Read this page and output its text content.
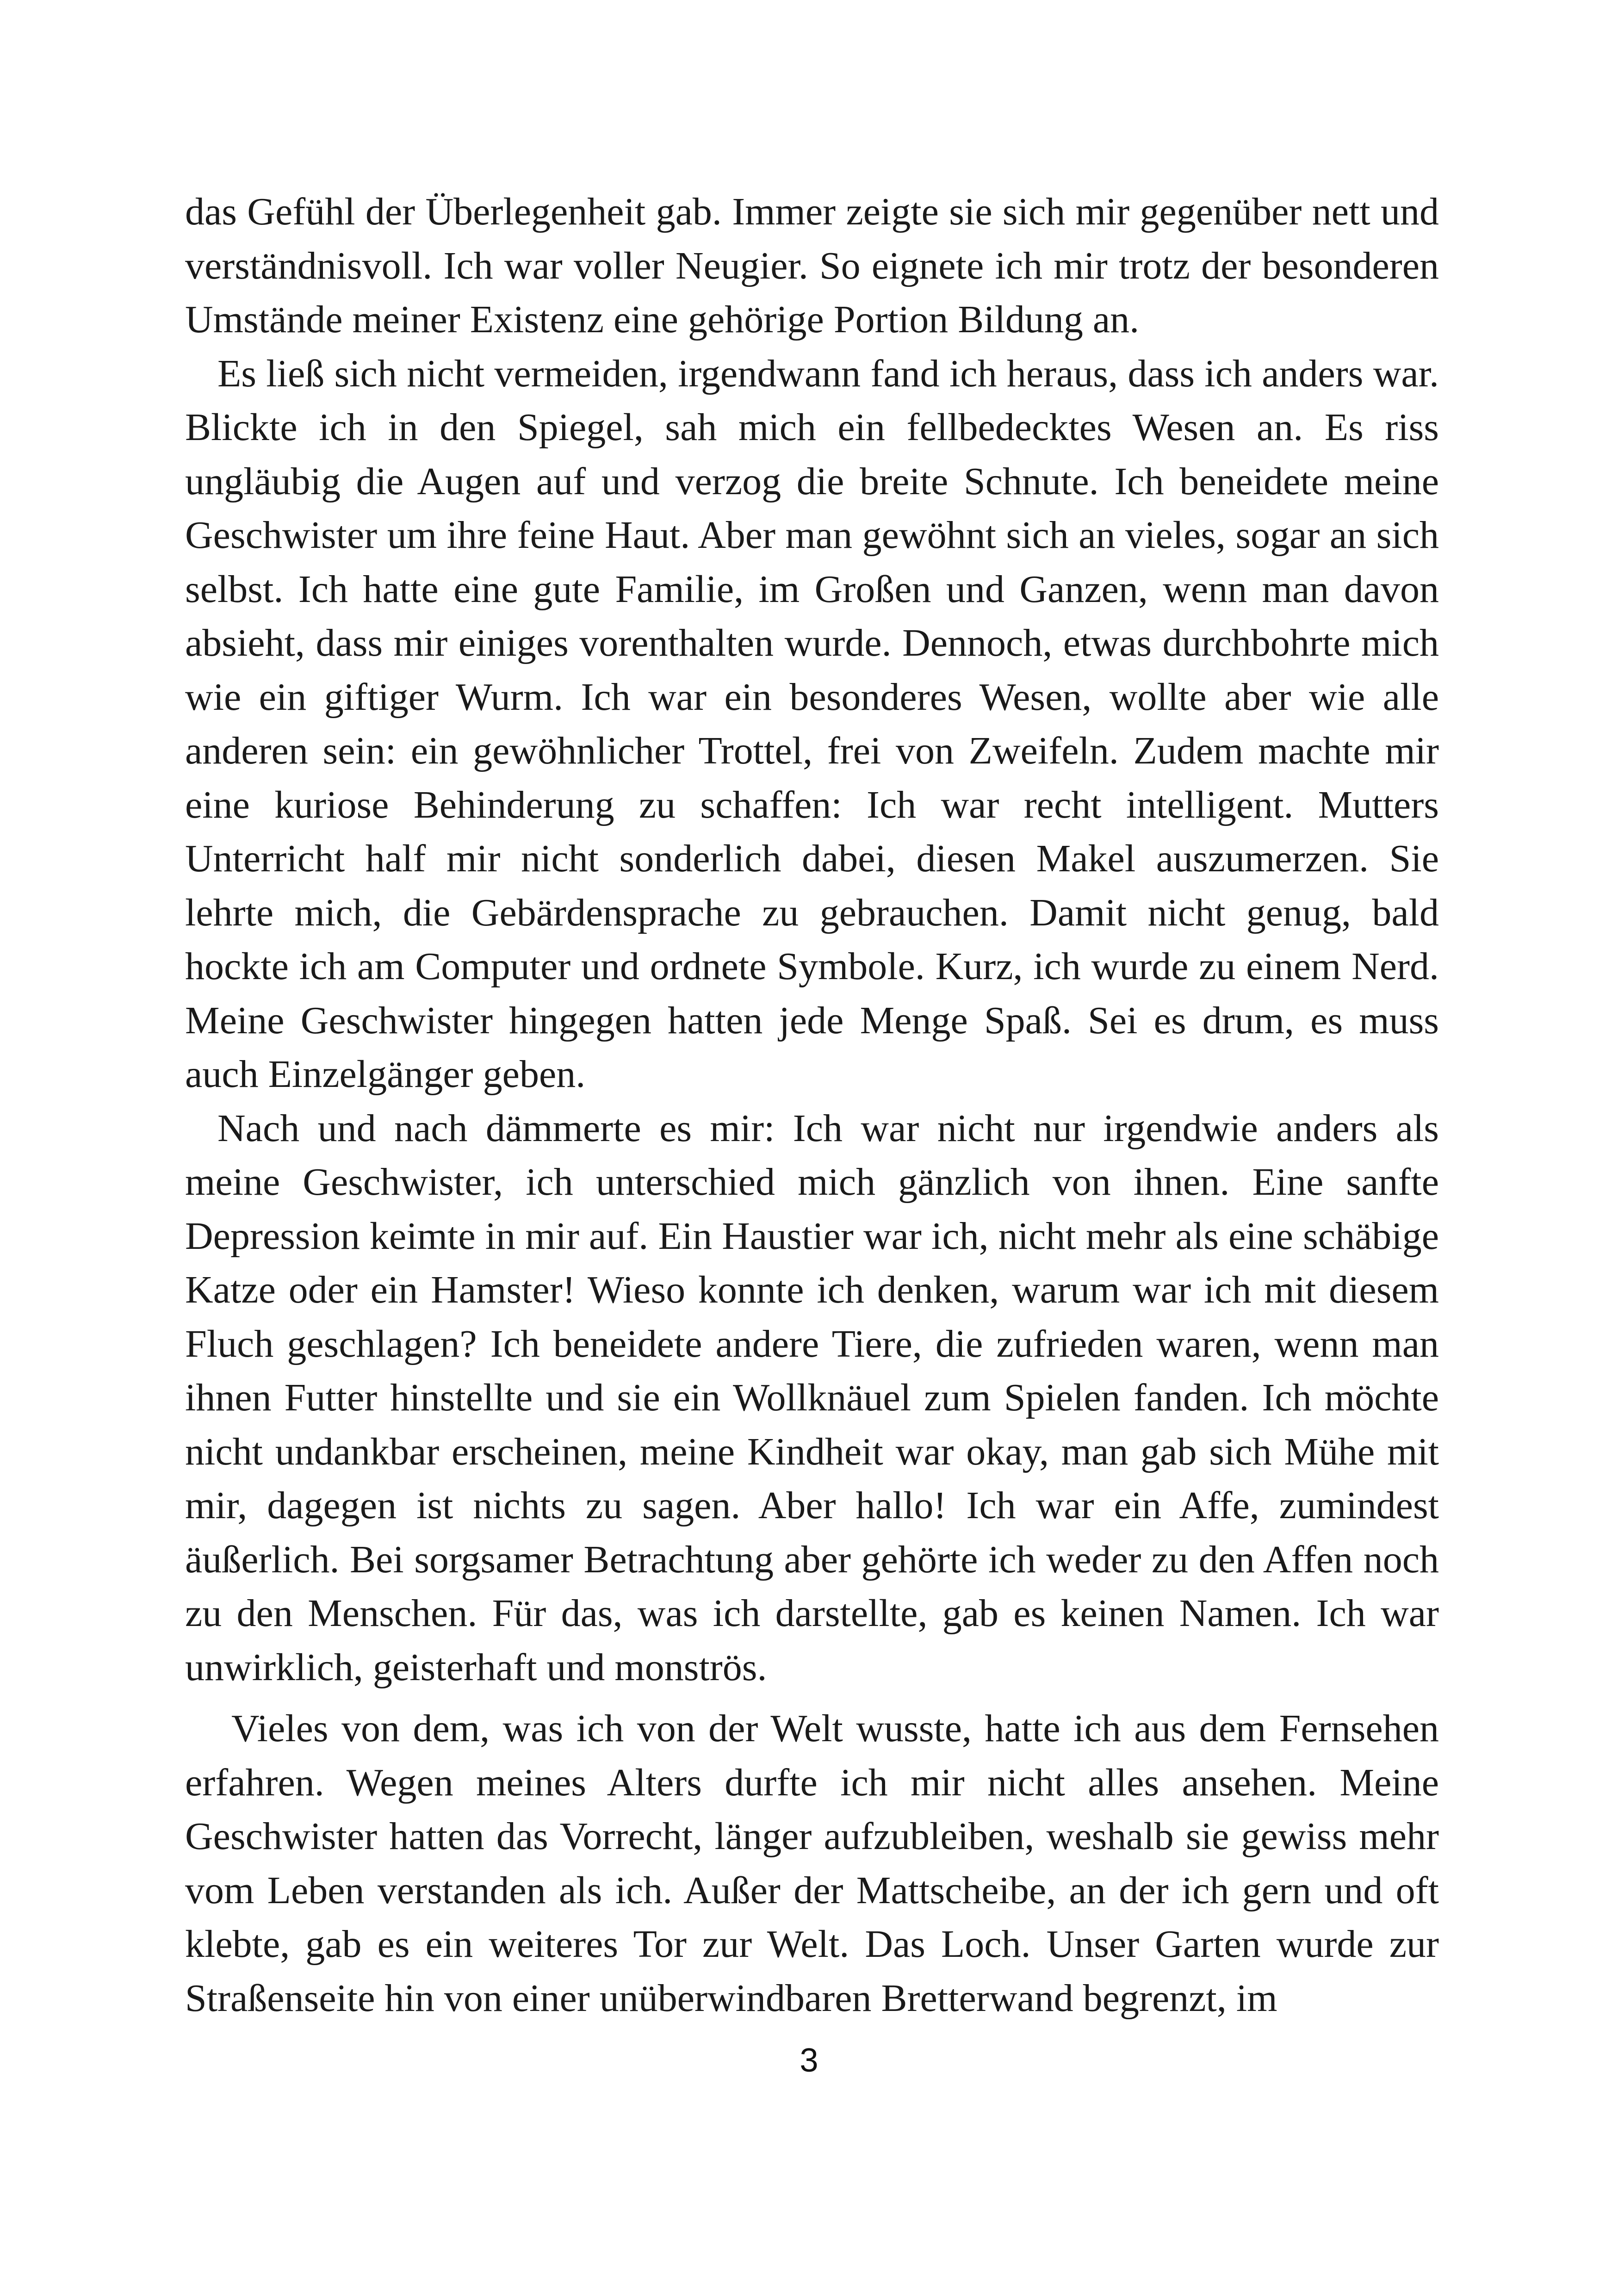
das Gefühl der Überlegenheit gab. Immer zeigte sie sich mir gegenüber nett und verständnisvoll. Ich war voller Neugier. So eignete ich mir trotz der besonderen Umstände meiner Existenz eine gehörige Portion Bildung an.

Es ließ sich nicht vermeiden, irgendwann fand ich heraus, dass ich anders war. Blickte ich in den Spiegel, sah mich ein fellbedecktes Wesen an. Es riss ungläubig die Augen auf und verzog die breite Schnute. Ich beneidete meine Geschwister um ihre feine Haut. Aber man gewöhnt sich an vieles, sogar an sich selbst. Ich hatte eine gute Familie, im Großen und Ganzen, wenn man davon absieht, dass mir einiges vorenthalten wurde. Dennoch, etwas durchbohrte mich wie ein giftiger Wurm. Ich war ein besonderes Wesen, wollte aber wie alle anderen sein: ein gewöhnlicher Trottel, frei von Zweifeln. Zudem machte mir eine kuriose Behinderung zu schaffen: Ich war recht intelligent. Mutters Unterricht half mir nicht sonderlich dabei, diesen Makel auszumerzen. Sie lehrte mich, die Gebärdensprache zu gebrauchen. Damit nicht genug, bald hockte ich am Computer und ordnete Symbole. Kurz, ich wurde zu einem Nerd. Meine Geschwister hingegen hatten jede Menge Spaß. Sei es drum, es muss auch Einzelgänger geben.

Nach und nach dämmerte es mir: Ich war nicht nur irgendwie anders als meine Geschwister, ich unterschied mich gänzlich von ihnen. Eine sanfte Depression keimte in mir auf. Ein Haustier war ich, nicht mehr als eine schäbige Katze oder ein Hamster! Wieso konnte ich denken, warum war ich mit diesem Fluch geschlagen? Ich beneidete andere Tiere, die zufrieden waren, wenn man ihnen Futter hinstellte und sie ein Wollknäuel zum Spielen fanden. Ich möchte nicht undankbar erscheinen, meine Kindheit war okay, man gab sich Mühe mit mir, dagegen ist nichts zu sagen. Aber hallo! Ich war ein Affe, zumindest äußerlich. Bei sorgsamer Betrachtung aber gehörte ich weder zu den Affen noch zu den Menschen. Für das, was ich darstellte, gab es keinen Namen. Ich war unwirklich, geisterhaft und monströs.

Vieles von dem, was ich von der Welt wusste, hatte ich aus dem Fernsehen erfahren. Wegen meines Alters durfte ich mir nicht alles ansehen. Meine Geschwister hatten das Vorrecht, länger aufzubleiben, weshalb sie gewiss mehr vom Leben verstanden als ich. Außer der Mattscheibe, an der ich gern und oft klebte, gab es ein weiteres Tor zur Welt. Das Loch. Unser Garten wurde zur Straßenseite hin von einer unüberwindbaren Bretterwand begrenzt, im

3
